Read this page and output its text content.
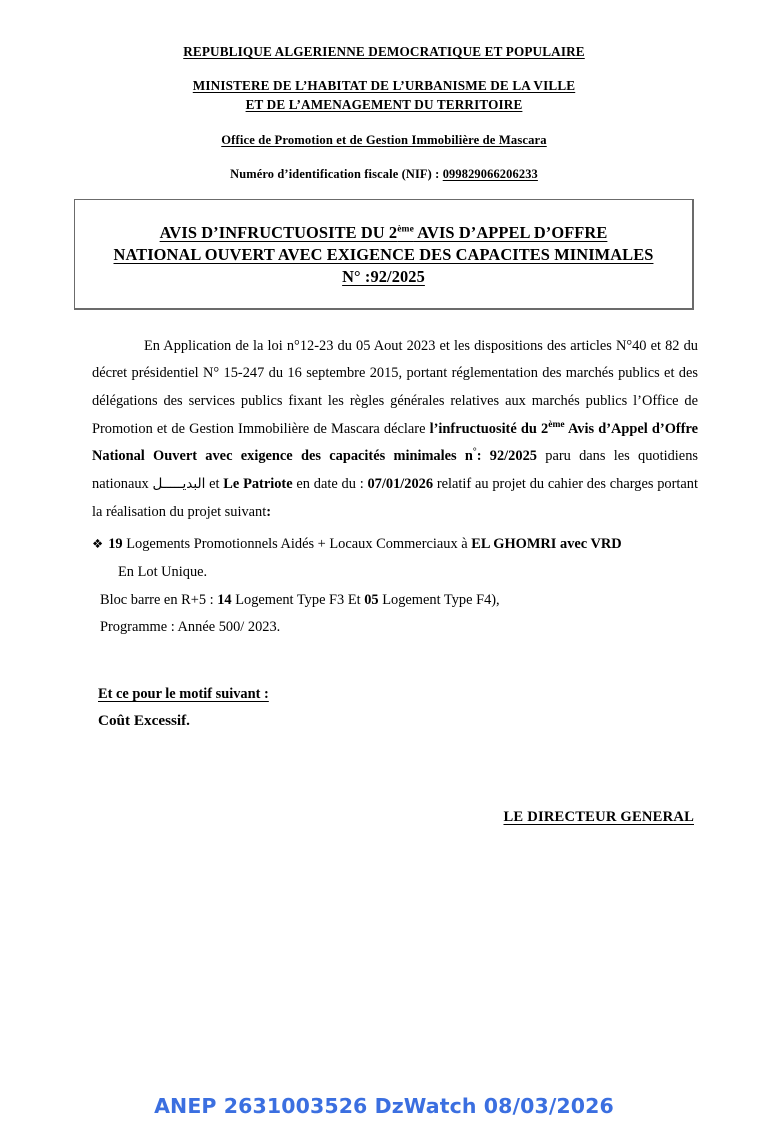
REPUBLIQUE ALGERIENNE DEMOCRATIQUE ET POPULAIRE
MINISTERE DE L’HABITAT DE L’URBANISME DE LA VILLE
ET DE L’AMENAGEMENT DU TERRITOIRE
Office de Promotion et de Gestion Immobilière de Mascara
Numéro d’identification fiscale (NIF) : 099829066206233
AVIS D’INFRUCTUOSITE DU 2ème AVIS D’APPEL D’OFFRE
NATIONAL OUVERT AVEC EXIGENCE DES CAPACITES MINIMALES
N° :92/2025

En Application de la loi n°12-23 du 05 Aout 2023 et les dispositions des articles N°40 et 82 du décret présidentiel N° 15-247 du 16 septembre 2015, portant réglementation des marchés publics et des délégations des services publics fixant les règles générales relatives aux marchés publics l’Office de Promotion et de Gestion Immobilière de Mascara déclare l’infructuosité du 2ème Avis d’Appel d’Offre National Ouvert avec exigence des capacités minimales n°: 92/2025 paru dans les quotidiens nationaux البديـــــل et Le Patriote en date du : 07/01/2026 relatif au projet du cahier des charges portant la réalisation du projet suivant:

❖ 19 Logements Promotionnels Aidés + Locaux Commerciaux à EL GHOMRI avec VRD
En Lot Unique.
Bloc barre en R+5 : 14 Logement Type F3 Et 05 Logement Type F4),
Programme : Année 500/ 2023.
Et ce pour le motif suivant :
Coût Excessif.
LE DIRECTEUR GENERAL
ANEP 2631003526 DzWatch 08/03/2026
